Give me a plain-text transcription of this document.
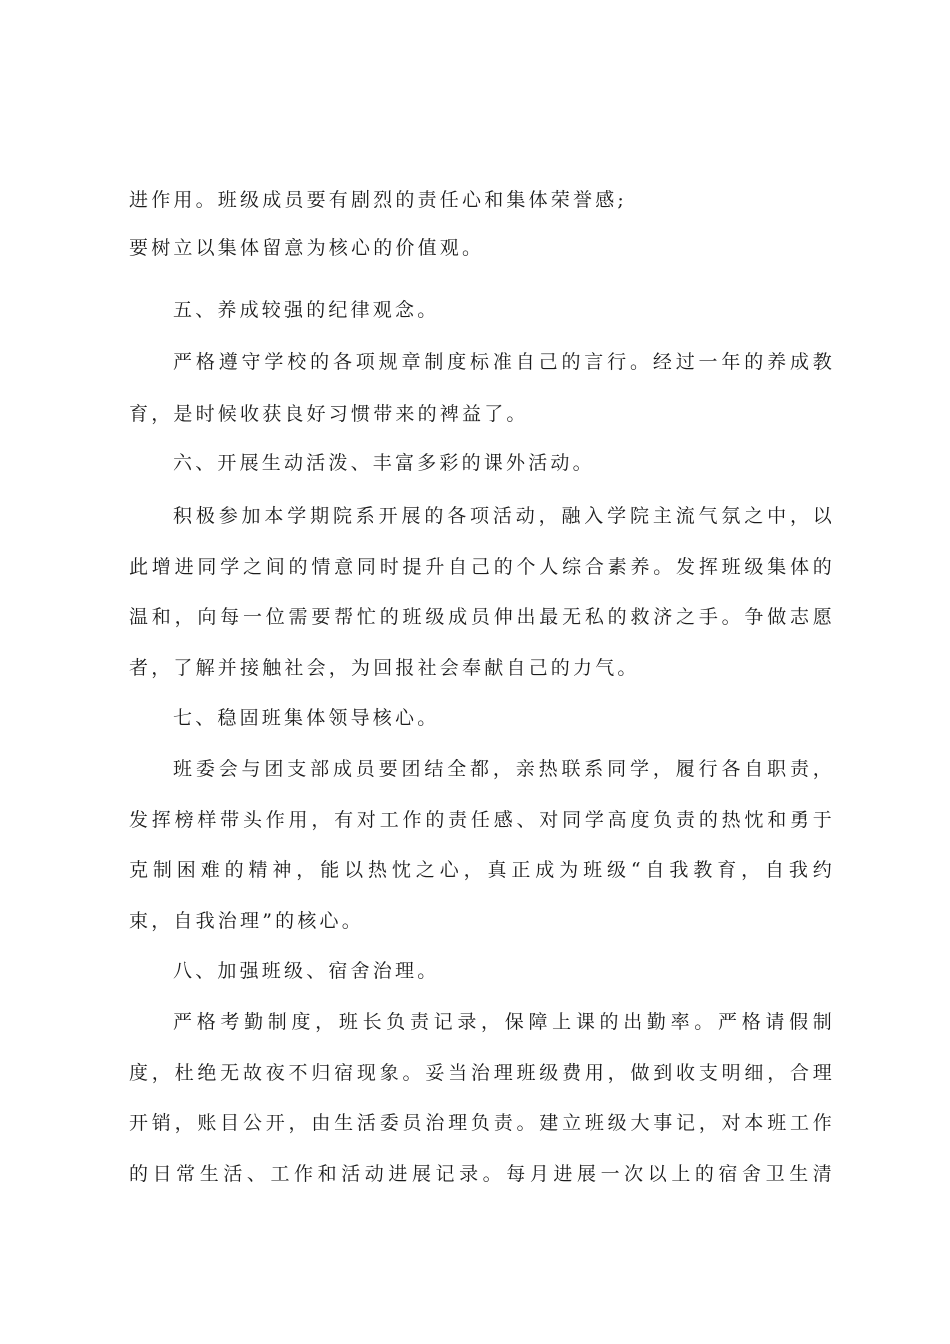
进作用。班级成员要有剧烈的责任心和集体荣誉感;
要树立以集体留意为核心的价值观。
五、养成较强的纪律观念。
严格遵守学校的各项规章制度标准自己的言行。经过一年的养成教
育，是时候收获良好习惯带来的裨益了。
六、开展生动活泼、丰富多彩的课外活动。
积极参加本学期院系开展的各项活动，融入学院主流气氛之中，以
此增进同学之间的情意同时提升自己的个人综合素养。发挥班级集体的
温和，向每一位需要帮忙的班级成员伸出最无私的救济之手。争做志愿
者，了解并接触社会，为回报社会奉献自己的力气。
七、稳固班集体领导核心。
班委会与团支部成员要团结全都，亲热联系同学，履行各自职责，
发挥榜样带头作用，有对工作的责任感、对同学高度负责的热忱和勇于
克制困难的精神，能以热忱之心，真正成为班级“自我教育，自我约
束，自我治理”的核心。
八、加强班级、宿舍治理。
严格考勤制度，班长负责记录，保障上课的出勤率。严格请假制
度，杜绝无故夜不归宿现象。妥当治理班级费用，做到收支明细，合理
开销，账目公开，由生活委员治理负责。建立班级大事记，对本班工作
的日常生活、工作和活动进展记录。每月进展一次以上的宿舍卫生清
